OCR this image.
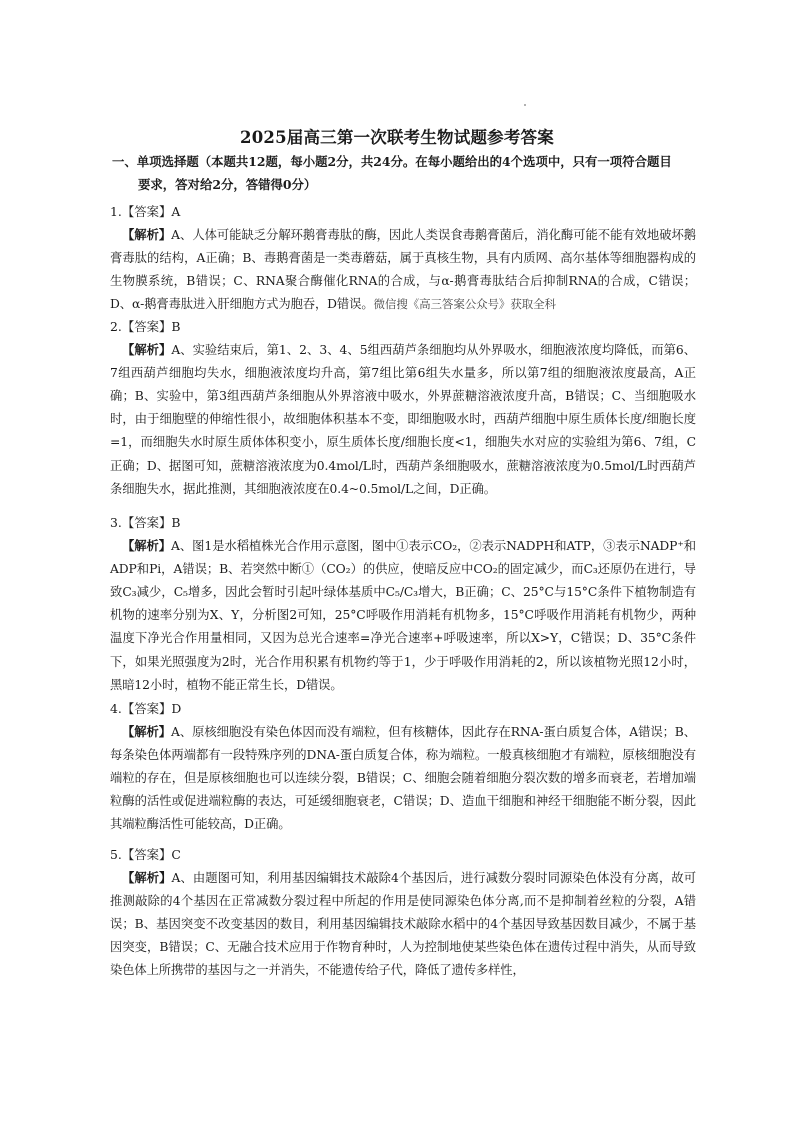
2025届高三第一次联考生物试题参考答案
一、单项选择题（本题共12题，每小题2分，共24分。在每小题给出的4个选项中，只有一项符合题目
要求，答对给2分，答错得0分）
1.【答案】A
【解析】A、人体可能缺乏分解环鹅膏毒肽的酶，因此人类误食毒鹅膏菌后，消化酶可能不能有效地破坏鹅膏毒肽的结构，A正确；B、毒鹅膏菌是一类毒蘑菇，属于真核生物，具有内质网、高尔基体等细胞器构成的生物膜系统，B错误；C、RNA聚合酶催化RNA的合成，与α-鹅膏毒肽结合后抑制RNA的合成，C错误；D、α-鹅膏毒肽进入肝细胞方式为胞吞，D错误。微信搜《高三答案公众号》获取全科
2.【答案】B
【解析】A、实验结束后，第1、2、3、4、5组西葫芦条细胞均从外界吸水，细胞液浓度均降低，而第6、7组西葫芦细胞均失水，细胞液浓度均升高，第7组比第6组失水量多，所以第7组的细胞液浓度最高，A正确；B、实验中，第3组西葫芦条细胞从外界溶液中吸水，外界蔗糖溶液浓度升高，B错误；C、当细胞吸水时，由于细胞壁的伸缩性很小，故细胞体积基本不变，即细胞吸水时，西葫芦细胞中原生质体长度/细胞长度=1，而细胞失水时原生质体体积变小，原生质体长度/细胞长度<1，细胞失水对应的实验组为第6、7组，C正确；D、据图可知，蔗糖溶液浓度为0.4mol/L时，西葫芦条细胞吸水，蔗糖溶液浓度为0.5mol/L时西葫芦条细胞失水，据此推测，其细胞液浓度在0.4~0.5mol/L之间，D正确。
3.【答案】B
【解析】A、图1是水稻植株光合作用示意图，图中①表示CO₂，②表示NADPH和ATP，③表示NADP⁺和ADP和Pi，A错误；B、若突然中断①（CO₂）的供应，使暗反应中CO₂的固定减少，而C₃还原仍在进行，导致C₃减少，C₅增多，因此会暂时引起叶绿体基质中C₅/C₃增大，B正确；C、25°C与15°C条件下植物制造有机物的速率分别为X、Y，分析图2可知，25°C呼吸作用消耗有机物多，15°C呼吸作用消耗有机物少，两种温度下净光合作用量相同，又因为总光合速率=净光合速率+呼吸速率，所以X>Y，C错误；D、35°C条件下，如果光照强度为2时，光合作用积累有机物约等于1，少于呼吸作用消耗的2，所以该植物光照12小时，黑暗12小时，植物不能正常生长，D错误。
4.【答案】D
【解析】A、原核细胞没有染色体因而没有端粒，但有核糖体，因此存在RNA-蛋白质复合体，A错误；B、每条染色体两端都有一段特殊序列的DNA-蛋白质复合体，称为端粒。一般真核细胞才有端粒，原核细胞没有端粒的存在，但是原核细胞也可以连续分裂，B错误；C、细胞会随着细胞分裂次数的增多而衰老，若增加端粒酶的活性或促进端粒酶的表达，可延缓细胞衰老，C错误；D、造血干细胞和神经干细胞能不断分裂，因此其端粒酶活性可能较高，D正确。
5.【答案】C
【解析】A、由题图可知，利用基因编辑技术敲除4个基因后，进行减数分裂时同源染色体没有分离，故可推测敲除的4个基因在正常减数分裂过程中所起的作用是使同源染色体分离,而不是抑制着丝粒的分裂，A错误；B、基因突变不改变基因的数目，利用基因编辑技术敲除水稻中的4个基因导致基因数目减少，不属于基因突变，B错误；C、无融合技术应用于作物育种时，人为控制地使某些染色体在遗传过程中消失，从而导致染色体上所携带的基因与之一并消失，不能遗传给子代，降低了遗传多样性，
